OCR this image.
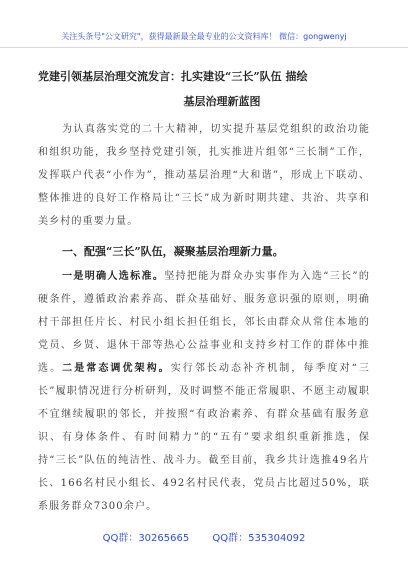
关注头条号"公文研究"，获得最新最全最专业的公文资料库！ 微信：gongwenyj
党建引领基层治理交流发言：扎实建设“三长”队伍 描绘
基层治理新蓝图
为认真落实党的二十大精神，切实提升基层党组织的政治功能和组织功能，我乡坚持党建引领，扎实推进片组邻“三长制”工作，发挥联户代表“小作为”，推动基层治理“大和谐”，形成上下联动、整体推进的良好工作格局让“三长”成为新时期共建、共治、共享和美乡村的重要力量。
一、配强“三长”队伍，凝聚基层治理新力量。
一是明确人选标准。坚持把能为群众办实事作为入选“三长”的硬条件，遵循政治素养高、群众基础好、服务意识强的原则，明确村干部担任片长、村民小组长担任组长，邻长由群众从常住本地的党员、乡贤、退休干部等热心公益事业和支持乡村工作的群体中推选。二是常态调优架构。实行邻长动态补齐机制，每季度对“三长”履职情况进行分析研判，及时调整不能正常履职、不愿主动履职不宜继续履职的邻长，并按照“有政治素养、有群众基础有服务意识、有身体条件、有时间精力”的“五有”要求组织重新推选，保持“三长”队伍的纯洁性、战斗力。截至目前，我乡共计选推49名片长、166名村民小组长、492名村民代表，党员占比超过50%，联系服务群众7300余户。
QQ群：30265665 QQ群：535304092
